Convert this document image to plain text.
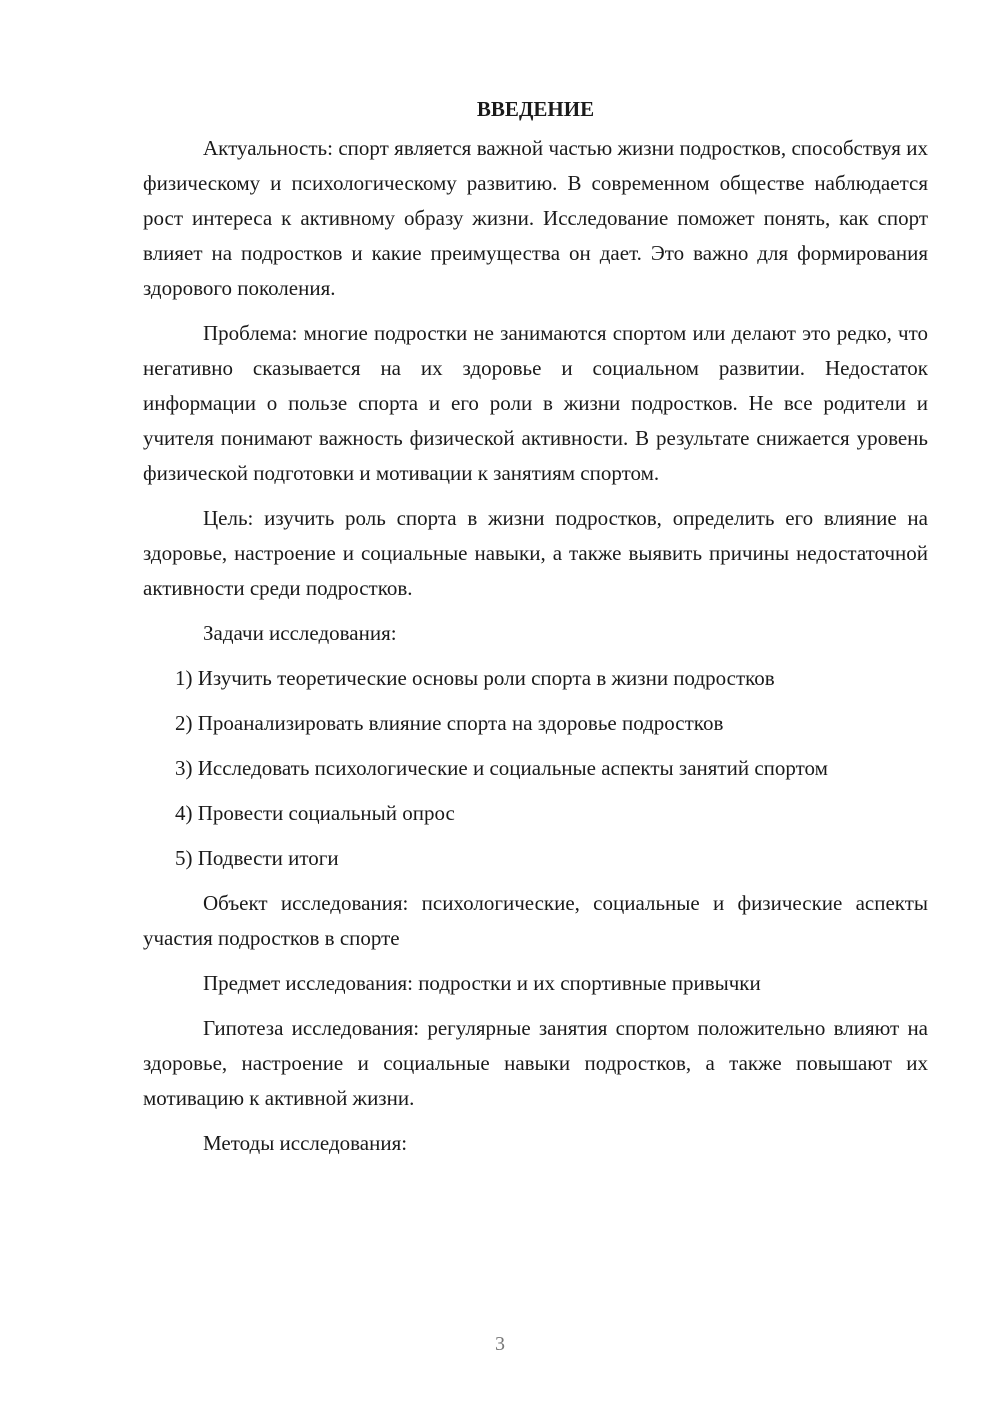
ВВЕДЕНИЕ

Актуальность: спорт является важной частью жизни подростков, способствуя их физическому и психологическому развитию. В современном обществе наблюдается рост интереса к активному образу жизни. Исследование поможет понять, как спорт влияет на подростков и какие преимущества он дает. Это важно для формирования здорового поколения.

Проблема: многие подростки не занимаются спортом или делают это редко, что негативно сказывается на их здоровье и социальном развитии. Недостаток информации о пользе спорта и его роли в жизни подростков. Не все родители и учителя понимают важность физической активности. В результате снижается уровень физической подготовки и мотивации к занятиям спортом.

Цель: изучить роль спорта в жизни подростков, определить его влияние на здоровье, настроение и социальные навыки, а также выявить причины недостаточной активности среди подростков.

Задачи исследования:

1) Изучить теоретические основы роли спорта в жизни подростков

2) Проанализировать влияние спорта на здоровье подростков

3) Исследовать психологические и социальные аспекты занятий спортом

4) Провести социальный опрос

5) Подвести итоги

Объект исследования: психологические, социальные и физические аспекты участия подростков в спорте

Предмет исследования: подростки и их спортивные привычки

Гипотеза исследования: регулярные занятия спортом положительно влияют на здоровье, настроение и социальные навыки подростков, а также повышают их мотивацию к активной жизни.

Методы исследования:

3
